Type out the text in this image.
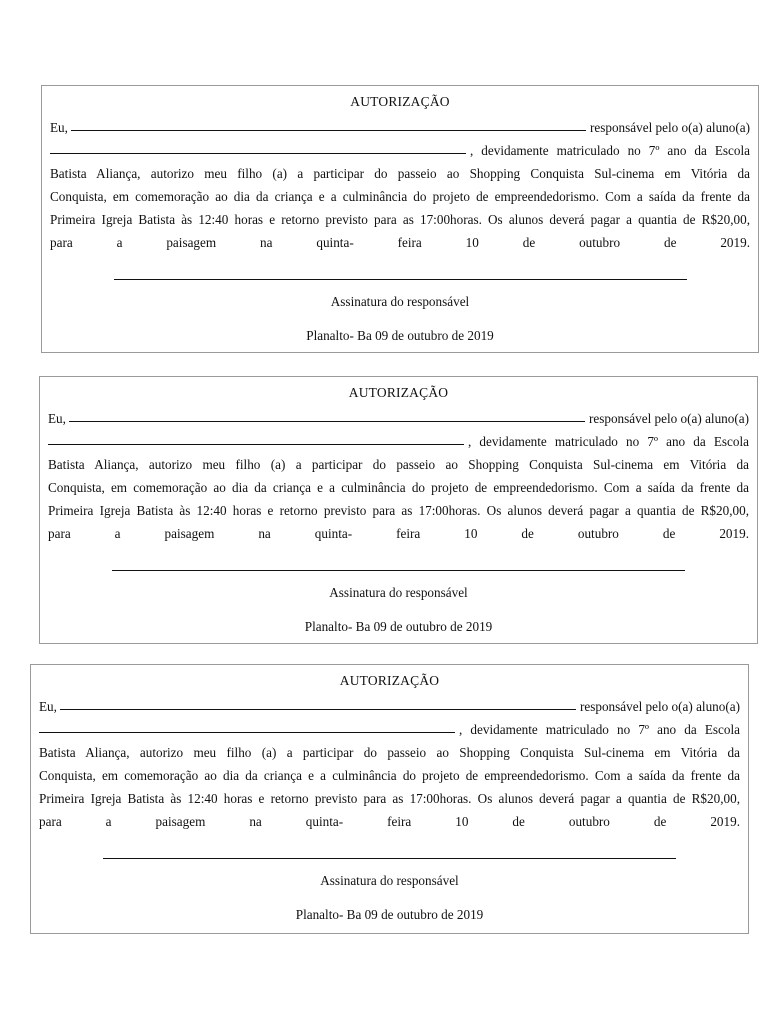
AUTORIZAÇÃO
Eu,	responsável pelo o(a) aluno(a)
, devidamente matriculado no 7º ano da Escola
Batista Aliança, autorizo meu filho (a) a participar do passeio ao Shopping Conquista Sul-cinema em Vitória da
Conquista, em comemoração ao dia da criança e a culminância do projeto de empreendedorismo. Com a saída da frente da
Primeira Igreja Batista às 12:40 horas e retorno previsto para as 17:00horas. Os alunos deverá pagar a quantia de R$20,00,
para a paisagem na quinta- feira 10 de outubro de 2019.
Assinatura do responsável
Planalto- Ba 09 de outubro de 2019
AUTORIZAÇÃO
Eu,	responsável pelo o(a) aluno(a)
, devidamente matriculado no 7º ano da Escola
Batista Aliança, autorizo meu filho (a) a participar do passeio ao Shopping Conquista Sul-cinema em Vitória da
Conquista, em comemoração ao dia da criança e a culminância do projeto de empreendedorismo. Com a saída da frente da
Primeira Igreja Batista às 12:40 horas e retorno previsto para as 17:00horas. Os alunos deverá pagar a quantia de R$20,00,
para a paisagem na quinta- feira 10 de outubro de 2019.
Assinatura do responsável
Planalto- Ba 09 de outubro de 2019
AUTORIZAÇÃO
Eu,	responsável pelo o(a) aluno(a)
, devidamente matriculado no 7º ano da Escola
Batista Aliança, autorizo meu filho (a) a participar do passeio ao Shopping Conquista Sul-cinema em Vitória da
Conquista, em comemoração ao dia da criança e a culminância do projeto de empreendedorismo. Com a saída da frente da
Primeira Igreja Batista às 12:40 horas e retorno previsto para as 17:00horas. Os alunos deverá pagar a quantia de R$20,00,
para a paisagem na quinta- feira 10 de outubro de 2019.
Assinatura do responsável
Planalto- Ba 09 de outubro de 2019
